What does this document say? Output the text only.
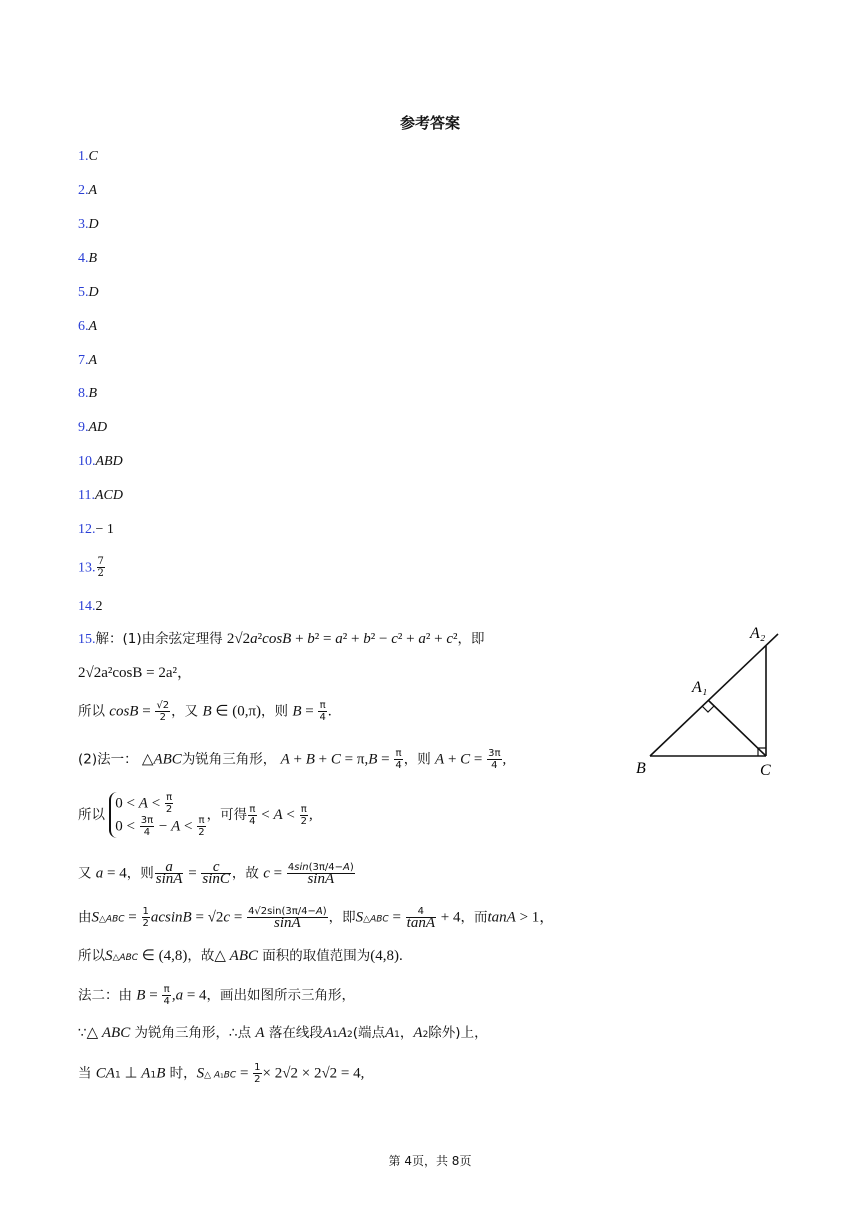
参考答案
1.C
2.A
3.D
4.B
5.D
6.A
7.A
8.B
9.AD
10.ABD
11.ACD
12.− 1
13. $\frac{7}{2}$
14.2
15.解：(1)由余弦定理得 2√2a²cosB + b² = a² + b² − c² + a² + c²，即
2√2a²cosB = 2a²，
所以 $\cos B = \frac{√2}{2}$ ，又 B ∈ (0,π)，则 $B = \frac{\pi}{4}$ .
(2)法一： △ABC为锐角三角形， $A + B + C = \pi,B = \frac{\pi}{4}$ ，则 $A + C = \frac{3\pi}{4}$ ,
所以
$0 < A < \frac{\pi}{2}$
$0 < \frac{3\pi}{4} - A < \frac{\pi}{2}$ ，可得 $\frac{\pi}{4} < A < \frac{\pi}{2}$ ,
又 a = 4，则 $\frac{a}{\sin A} = \frac{c}{\sin C}$ ，故 $c = \frac{4\sin(3\pi/4-A)}{\sin A}$
由S△ABC = $\frac{1}{2}$ $acsinB = √2c = \frac{4√2\sin(3\pi/4-A)}{\sin A}$ ，即S△ABC = $\frac{4}{\tan A} + 4$，而tanA > 1，
所以S△ABC ∈ (4,8)，故△ ABC 面积的取值范围为(4,8).
法二：由 $B = \frac{\pi}{4} ,a = 4$，画出如图所示三角形，
∵△ ABC 为锐角三角形，∴点 A 落在线段A1A2(端点A1，A2除外)上，
当 CA1 ⊥ A1B 时，S△ $A_1BC = \frac{1}{2} \times 2√2 \times 2√2 = 4$,
A₂
A₁
B	C
第 4页，共 8页
